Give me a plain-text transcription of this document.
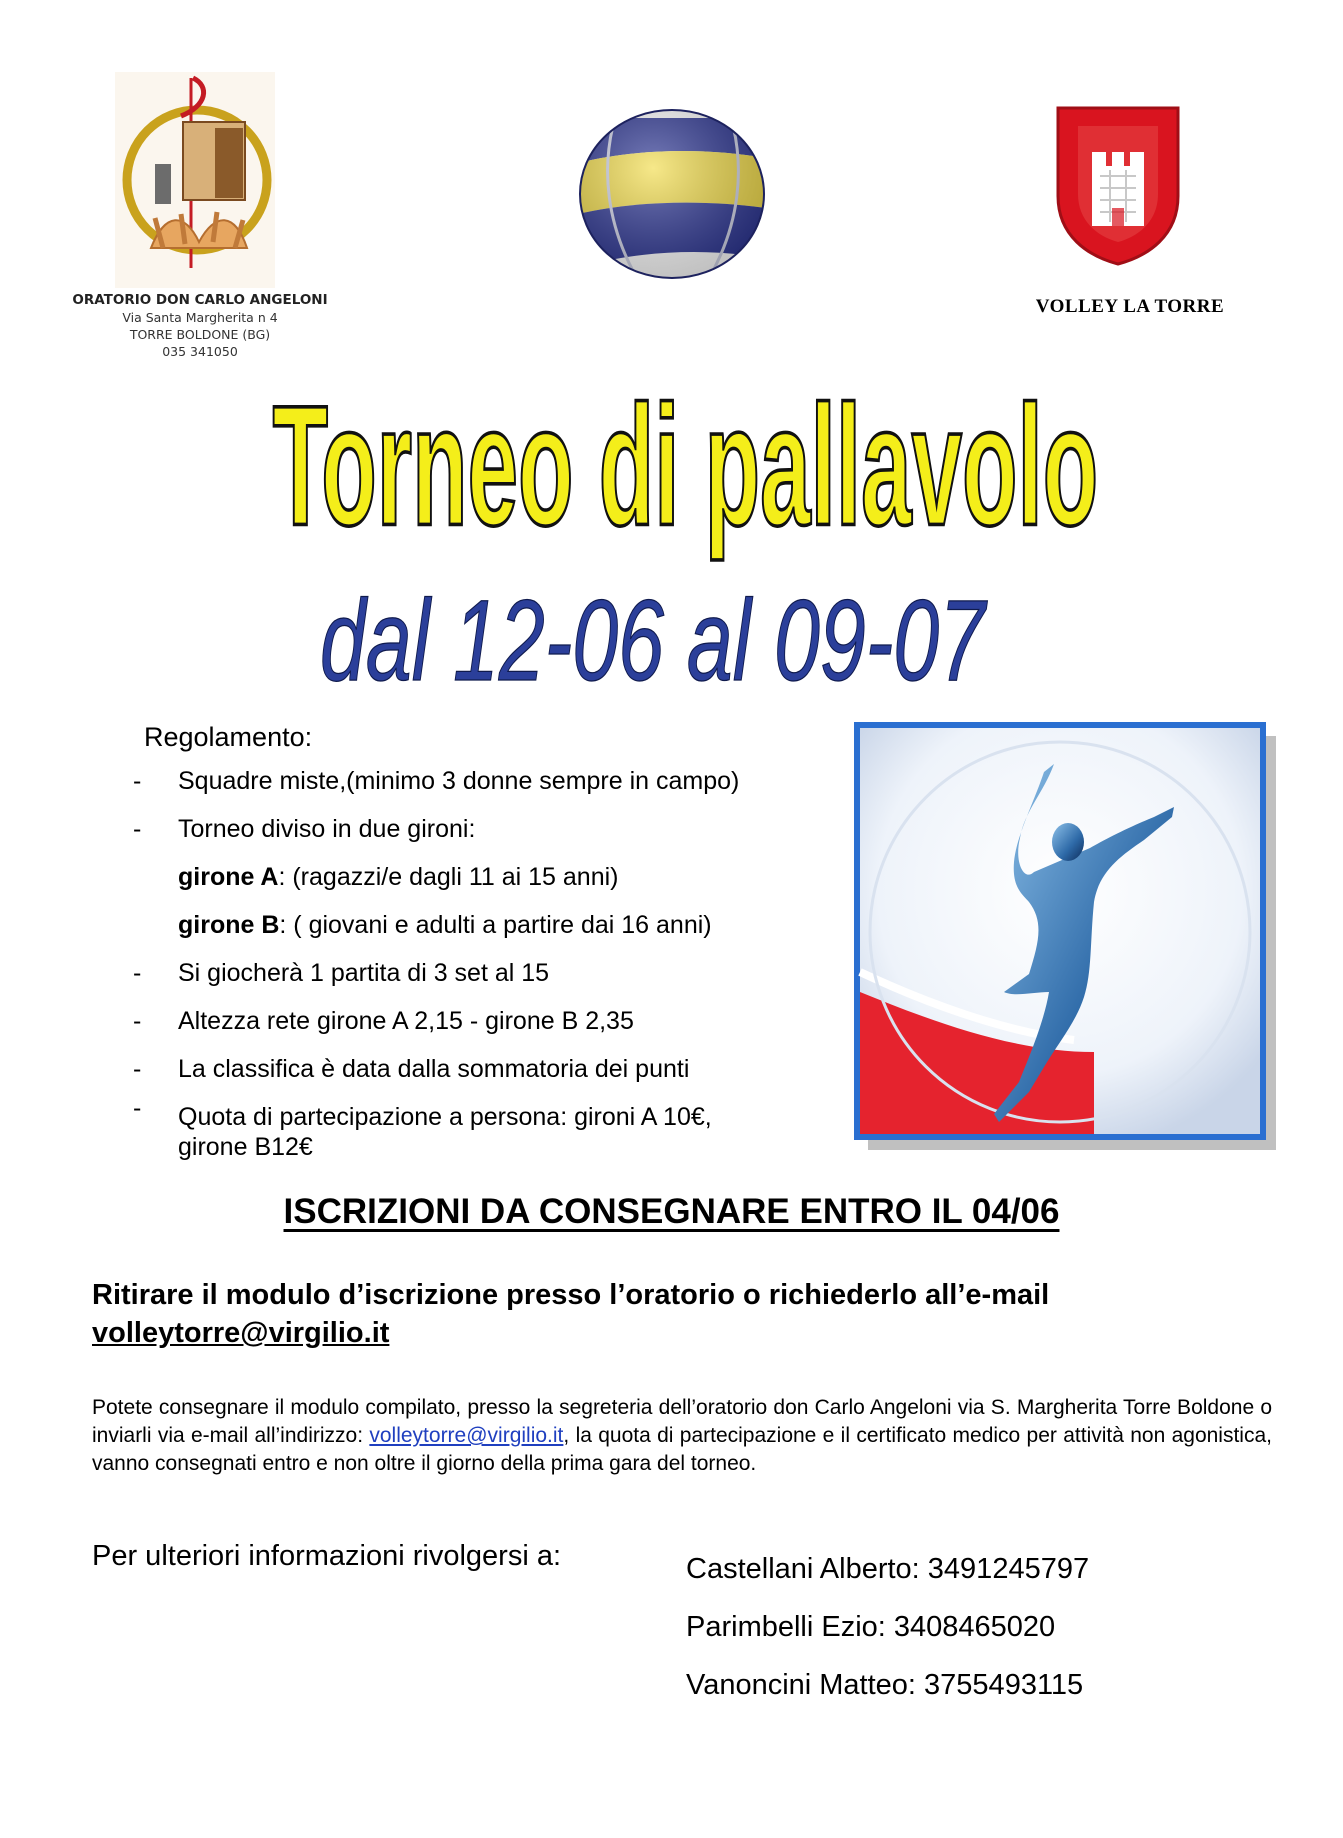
ORATORIO DON CARLO ANGELONI
Via Santa Margherita n 4
TORRE BOLDONE (BG)
035 341050
VOLLEY LA TORRE
Torneo di pallavolo
dal 12-06 al 09-07
Regolamento:
- Squadre miste,(minimo 3 donne sempre in campo)
- Torneo diviso in due gironi:
girone A: (ragazzi/e dagli 11 ai 15 anni)
girone B: ( giovani e adulti a partire dai 16 anni)
- Si giocherà 1 partita di 3 set al 15
- Altezza rete girone A 2,15 - girone B 2,35
- La classifica è data dalla sommatoria dei punti
- Quota di partecipazione a persona: gironi A 10€,
girone B12€
ISCRIZIONI DA CONSEGNARE ENTRO IL 04/06
Ritirare il modulo d’iscrizione presso l’oratorio o richiederlo all’e-mail
volleytorre@virgilio.it
Potete consegnare il modulo compilato, presso la segreteria dell’oratorio don Carlo Angeloni via S. Margherita Torre Boldone o inviarli via e-mail all’indirizzo: volleytorre@virgilio.it, la quota di partecipazione e il certificato medico per attività non agonistica, vanno consegnati entro e non oltre il giorno della prima gara del torneo.
Per ulteriori informazioni rivolgersi a:	Castellani Alberto: 3491245797
Parimbelli Ezio: 3408465020
Vanoncini Matteo: 3755493115
